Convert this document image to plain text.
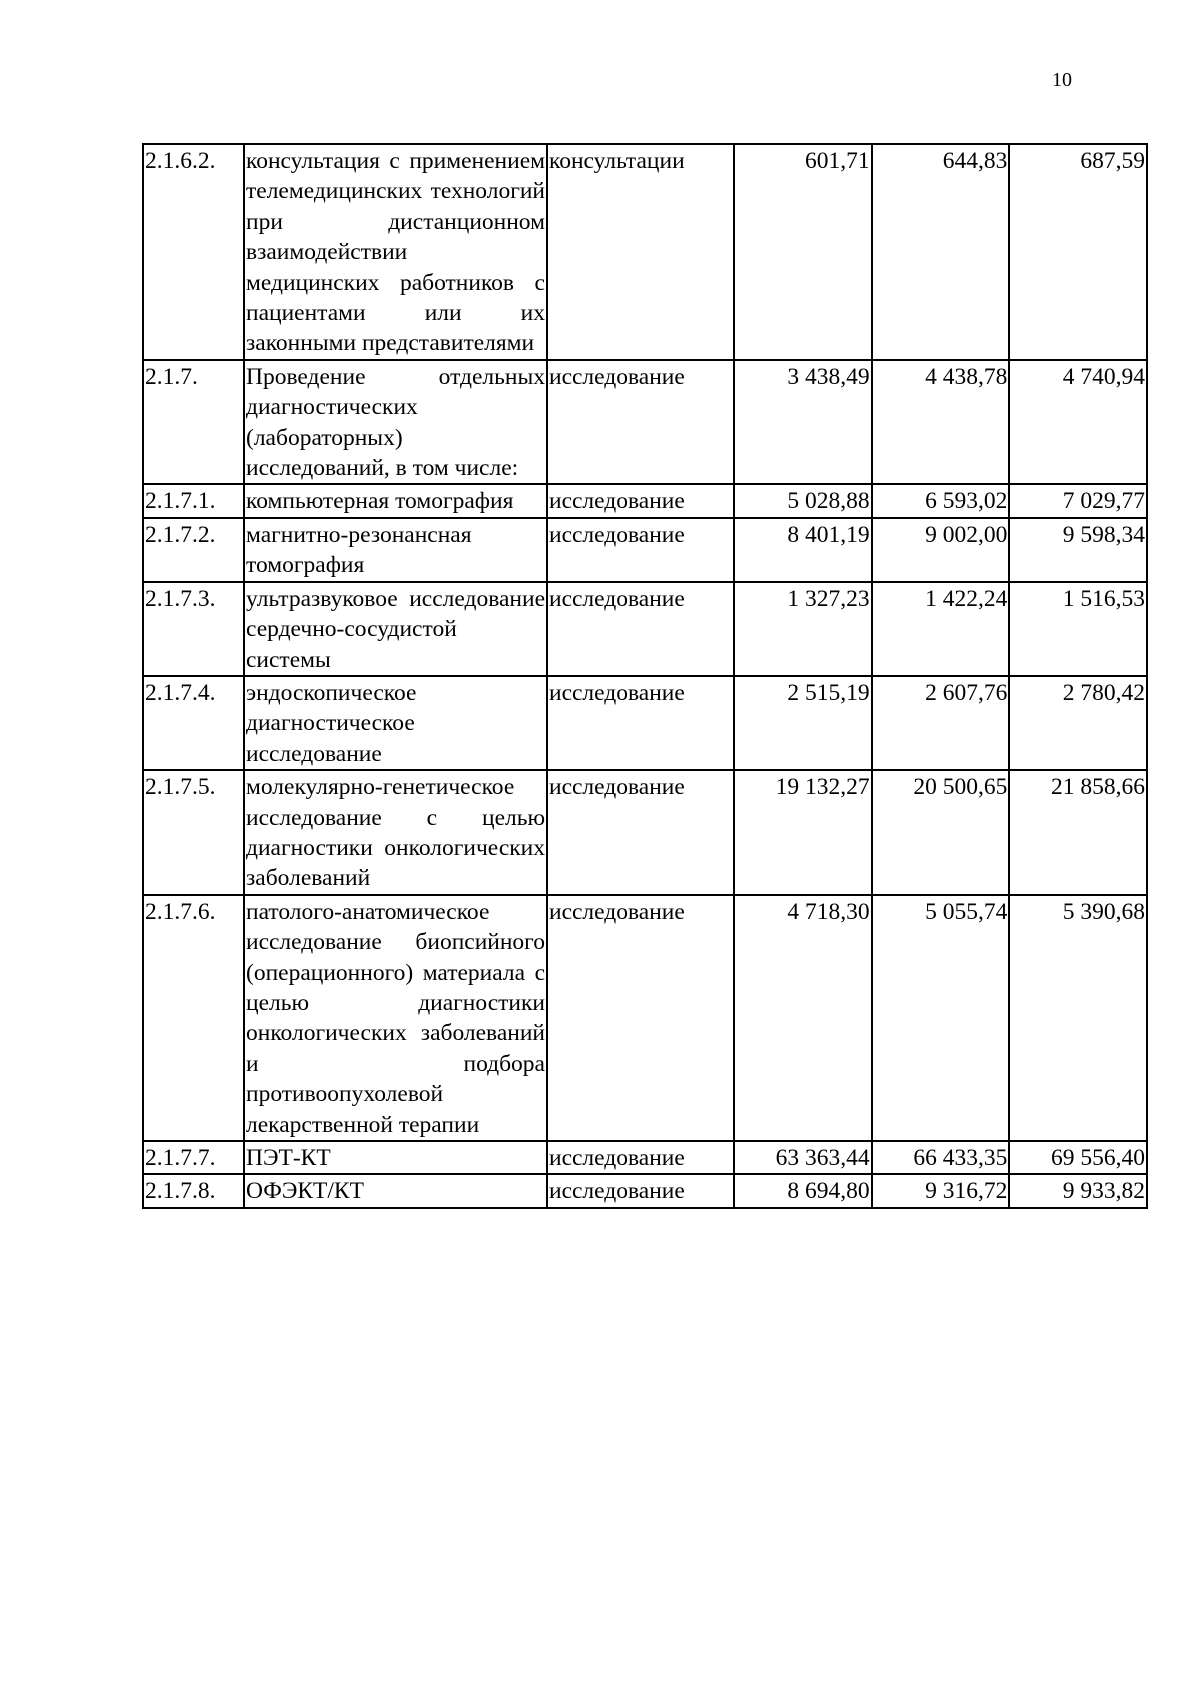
10
2.1.6.2.	консультация с применением телемедицинских технологий при дистанционном взаимодействии медицинских работников с пациентами или их законными представителями	консультации	601,71	644,83	687,59
2.1.7.	Проведение отдельных диагностических (лабораторных) исследований, в том числе:	исследование	3 438,49	4 438,78	4 740,94
2.1.7.1.	компьютерная томография	исследование	5 028,88	6 593,02	7 029,77
2.1.7.2.	магнитно-резонансная томография	исследование	8 401,19	9 002,00	9 598,34
2.1.7.3.	ультразвуковое исследование сердечно-сосудистой системы	исследование	1 327,23	1 422,24	1 516,53
2.1.7.4.	эндоскопическое диагностическое исследование	исследование	2 515,19	2 607,76	2 780,42
2.1.7.5.	молекулярно-генетическое исследование с целью диагностики онкологических заболеваний	исследование	19 132,27	20 500,65	21 858,66
2.1.7.6.	патолого-анатомическое исследование биопсийного (операционного) материала с целью диагностики онкологических заболеваний и подбора противоопухолевой лекарственной терапии	исследование	4 718,30	5 055,74	5 390,68
2.1.7.7.	ПЭТ-КТ	исследование	63 363,44	66 433,35	69 556,40
2.1.7.8.	ОФЭКТ/КТ	исследование	8 694,80	9 316,72	9 933,82
